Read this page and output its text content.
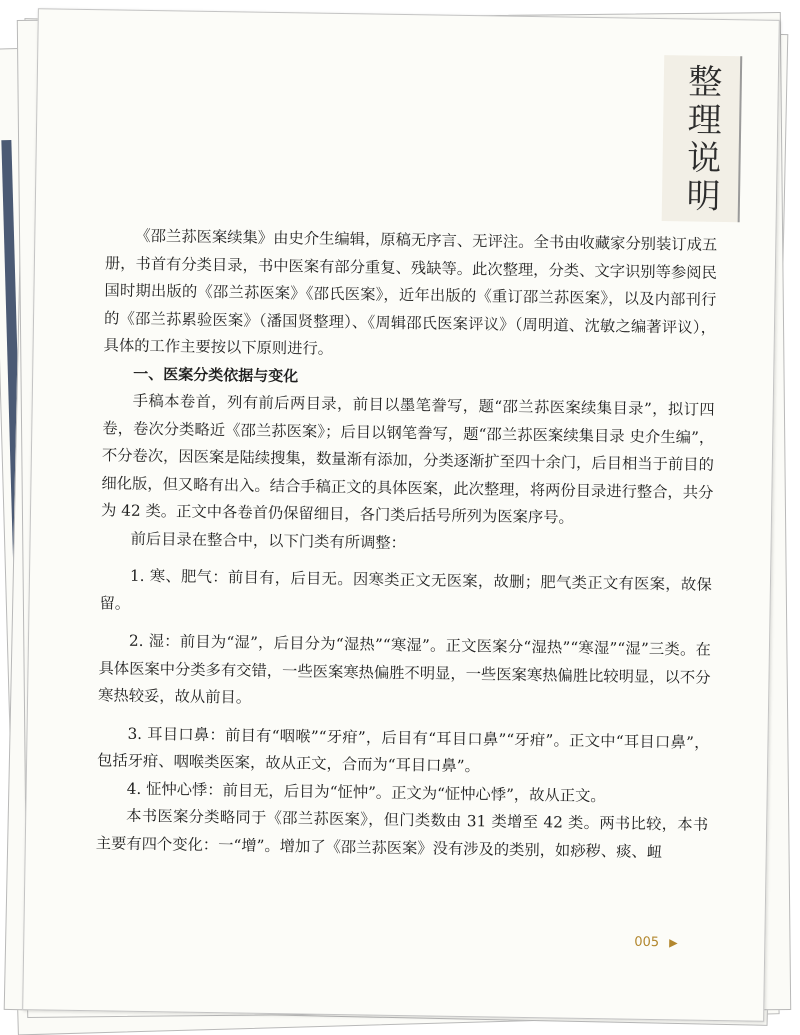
整理说明

《邵兰荪医案续集》由史介生编辑，原稿无序言、无评注。全书由收藏家分别装订成五册，书首有分类目录，书中医案有部分重复、残缺等。此次整理，分类、文字识别等参阅民国时期出版的《邵兰荪医案》《邵氏医案》，近年出版的《重订邵兰荪医案》，以及内部刊行的《邵兰荪累验医案》（潘国贤整理）、《周辑邵氏医案评议》（周明道、沈敏之编著评议），具体的工作主要按以下原则进行。

一、医案分类依据与变化

手稿本卷首，列有前后两目录，前目以墨笔誊写，题“邵兰荪医案续集目录”，拟订四卷，卷次分类略近《邵兰荪医案》；后目以钢笔誊写，题“邵兰荪医案续集目录 史介生编”，不分卷次，因医案是陆续搜集，数量渐有添加，分类逐渐扩至四十余门，后目相当于前目的细化版，但又略有出入。结合手稿正文的具体医案，此次整理，将两份目录进行整合，共分为 42 类。正文中各卷首仍保留细目，各门类后括号所列为医案序号。

前后目录在整合中，以下门类有所调整：

1. 寒、肥气：前目有，后目无。因寒类正文无医案，故删；肥气类正文有医案，故保留。

2. 湿：前目为“湿”，后目分为“湿热”“寒湿”。正文医案分“湿热”“寒湿”“湿”三类。在具体医案中分类多有交错，一些医案寒热偏胜不明显，一些医案寒热偏胜比较明显，以不分寒热较妥，故从前目。

3. 耳目口鼻：前目有“咽喉”“牙疳”，后目有“耳目口鼻”“牙疳”。正文中“耳目口鼻”，包括牙疳、咽喉类医案，故从正文，合而为“耳目口鼻”。

4. 怔忡心悸：前目无，后目为“怔忡”。正文为“怔忡心悸”，故从正文。

本书医案分类略同于《邵兰荪医案》，但门类数由 31 类增至 42 类。两书比较，本书主要有四个变化：一“增”。增加了《邵兰荪医案》没有涉及的类别，如痧秽、痰、衄

005 ▶
